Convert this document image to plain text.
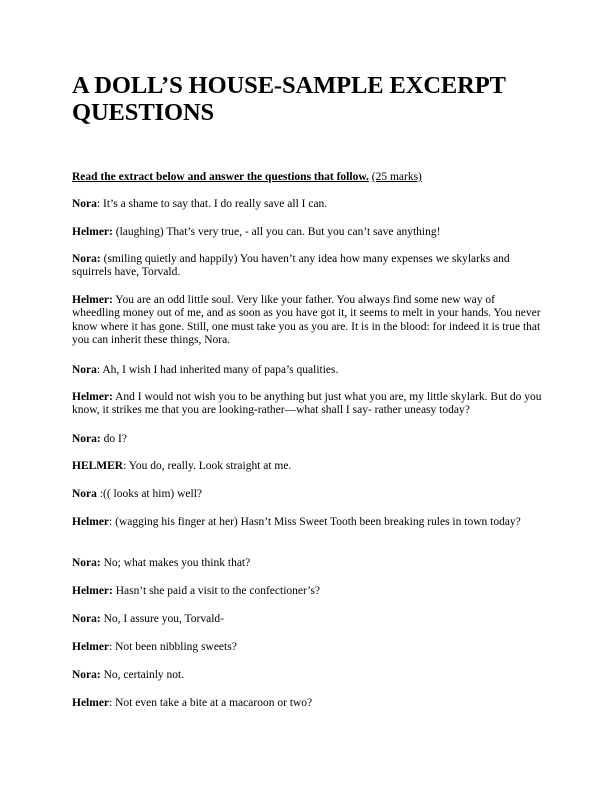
A DOLL’S HOUSE-SAMPLE EXCERPT QUESTIONS
Read the extract below and answer the questions that follow. (25 marks)

Nora: It’s a shame to say that. I do really save all I can.

Helmer: (laughing) That’s very true, - all you can. But you can’t save anything!

Nora: (smiling quietly and happily) You haven’t any idea how many expenses we skylarks and squirrels have, Torvald.

Helmer: You are an odd little soul. Very like your father. You always find some new way of wheedling money out of me, and as soon as you have got it, it seems to melt in your hands. You never know where it has gone. Still, one must take you as you are. It is in the blood: for indeed it is true that you can inherit these things, Nora.

Nora: Ah, I wish I had inherited many of papa’s qualities.

Helmer: And I would not wish you to be anything but just what you are, my little skylark. But do you know, it strikes me that you are looking-rather—what shall I say- rather uneasy today?

Nora: do I?

HELMER: You do, really. Look straight at me.

Nora :(( looks at him) well?

Helmer: (wagging his finger at her) Hasn’t Miss Sweet Tooth been breaking rules in town today?

Nora: No; what makes you think that?

Helmer: Hasn’t she paid a visit to the confectioner’s?

Nora: No, I assure you, Torvald-

Helmer: Not been nibbling sweets?

Nora: No, certainly not.

Helmer: Not even take a bite at a macaroon or two?
